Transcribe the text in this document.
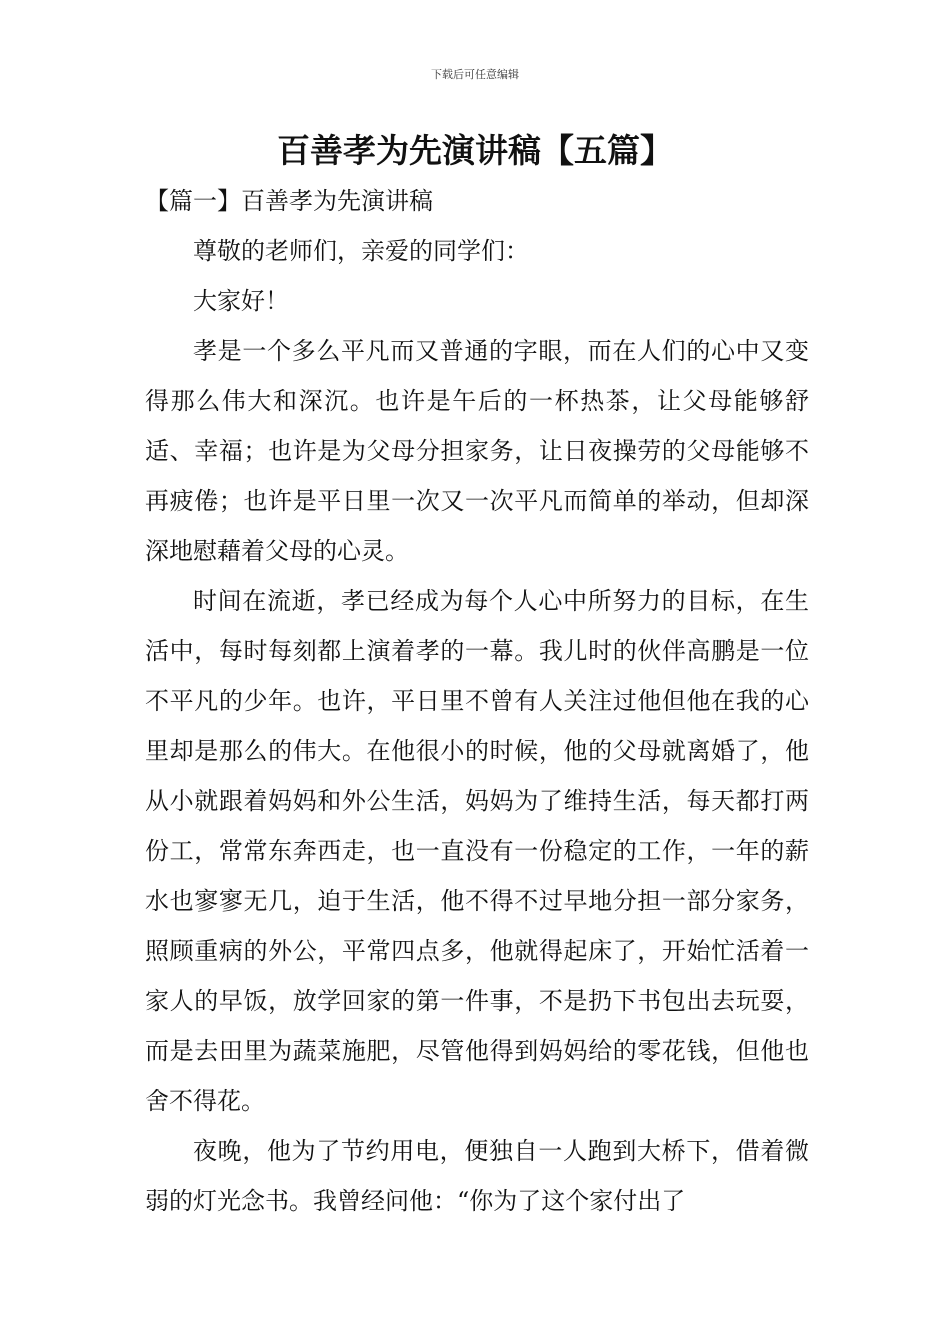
下载后可任意编辑
百善孝为先演讲稿【五篇】

【篇一】百善孝为先演讲稿

尊敬的老师们，亲爱的同学们：

大家好！

孝是一个多么平凡而又普通的字眼，而在人们的心中又变得那么伟大和深沉。也许是午后的一杯热茶，让父母能够舒适、幸福；也许是为父母分担家务，让日夜操劳的父母能够不再疲倦；也许是平日里一次又一次平凡而简单的举动，但却深深地慰藉着父母的心灵。

时间在流逝，孝已经成为每个人心中所努力的目标，在生活中，每时每刻都上演着孝的一幕。我儿时的伙伴高鹏是一位不平凡的少年。也许，平日里不曾有人关注过他但他在我的心里却是那么的伟大。在他很小的时候，他的父母就离婚了，他从小就跟着妈妈和外公生活，妈妈为了维持生活，每天都打两份工，常常东奔西走，也一直没有一份稳定的工作，一年的薪水也寥寥无几，迫于生活，他不得不过早地分担一部分家务，照顾重病的外公，平常四点多，他就得起床了，开始忙活着一家人的早饭，放学回家的第一件事，不是扔下书包出去玩耍，而是去田里为蔬菜施肥，尽管他得到妈妈给的零花钱，但他也舍不得花。

夜晚，他为了节约用电，便独自一人跑到大桥下，借着微弱的灯光念书。我曾经问他：“你为了这个家付出了
